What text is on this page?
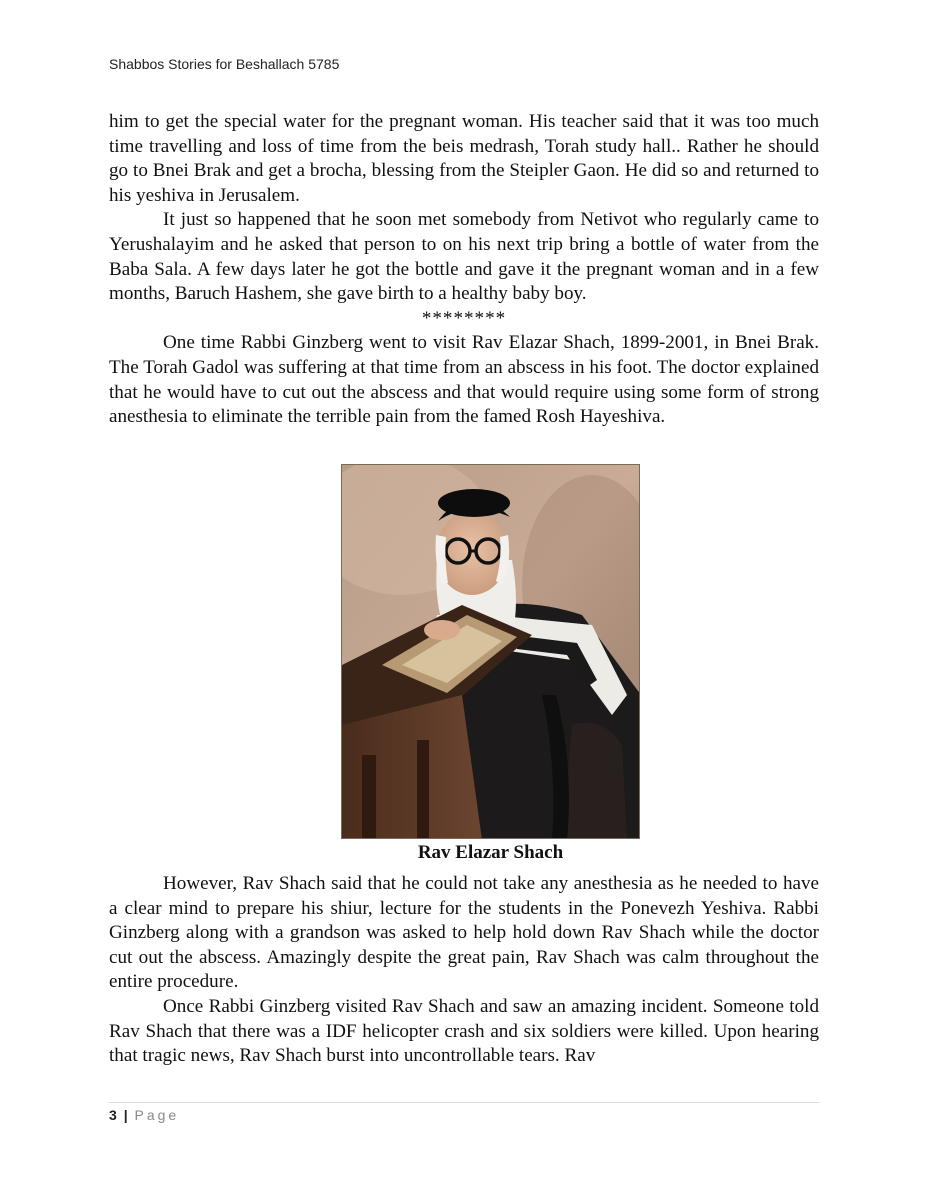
Shabbos Stories for Beshallach 5785

him to get the special water for the pregnant woman. His teacher said that it was too much time travelling and loss of time from the beis medrash, Torah study hall.. Rather he should go to Bnei Brak and get a brocha, blessing from the Steipler Gaon. He did so and returned to his yeshiva in Jerusalem.

It just so happened that he soon met somebody from Netivot who regularly came to Yerushalayim and he asked that person to on his next trip bring a bottle of water from the Baba Sala. A few days later he got the bottle and gave it the pregnant woman and in a few months, Baruch Hashem, she gave birth to a healthy baby boy.

********

One time Rabbi Ginzberg went to visit Rav Elazar Shach, 1899-2001, in Bnei Brak. The Torah Gadol was suffering at that time from an abscess in his foot. The doctor explained that he would have to cut out the abscess and that would require using some form of strong anesthesia to eliminate the terrible pain from the famed Rosh Hayeshiva.

Rav Elazar Shach

However, Rav Shach said that he could not take any anesthesia as he needed to have a clear mind to prepare his shiur, lecture for the students in the Ponevezh Yeshiva. Rabbi Ginzberg along with a grandson was asked to help hold down Rav Shach while the doctor cut out the abscess. Amazingly despite the great pain, Rav Shach was calm throughout the entire procedure.

Once Rabbi Ginzberg visited Rav Shach and saw an amazing incident. Someone told Rav Shach that there was a IDF helicopter crash and six soldiers were killed. Upon hearing that tragic news, Rav Shach burst into uncontrollable tears. Rav

3 | Page
